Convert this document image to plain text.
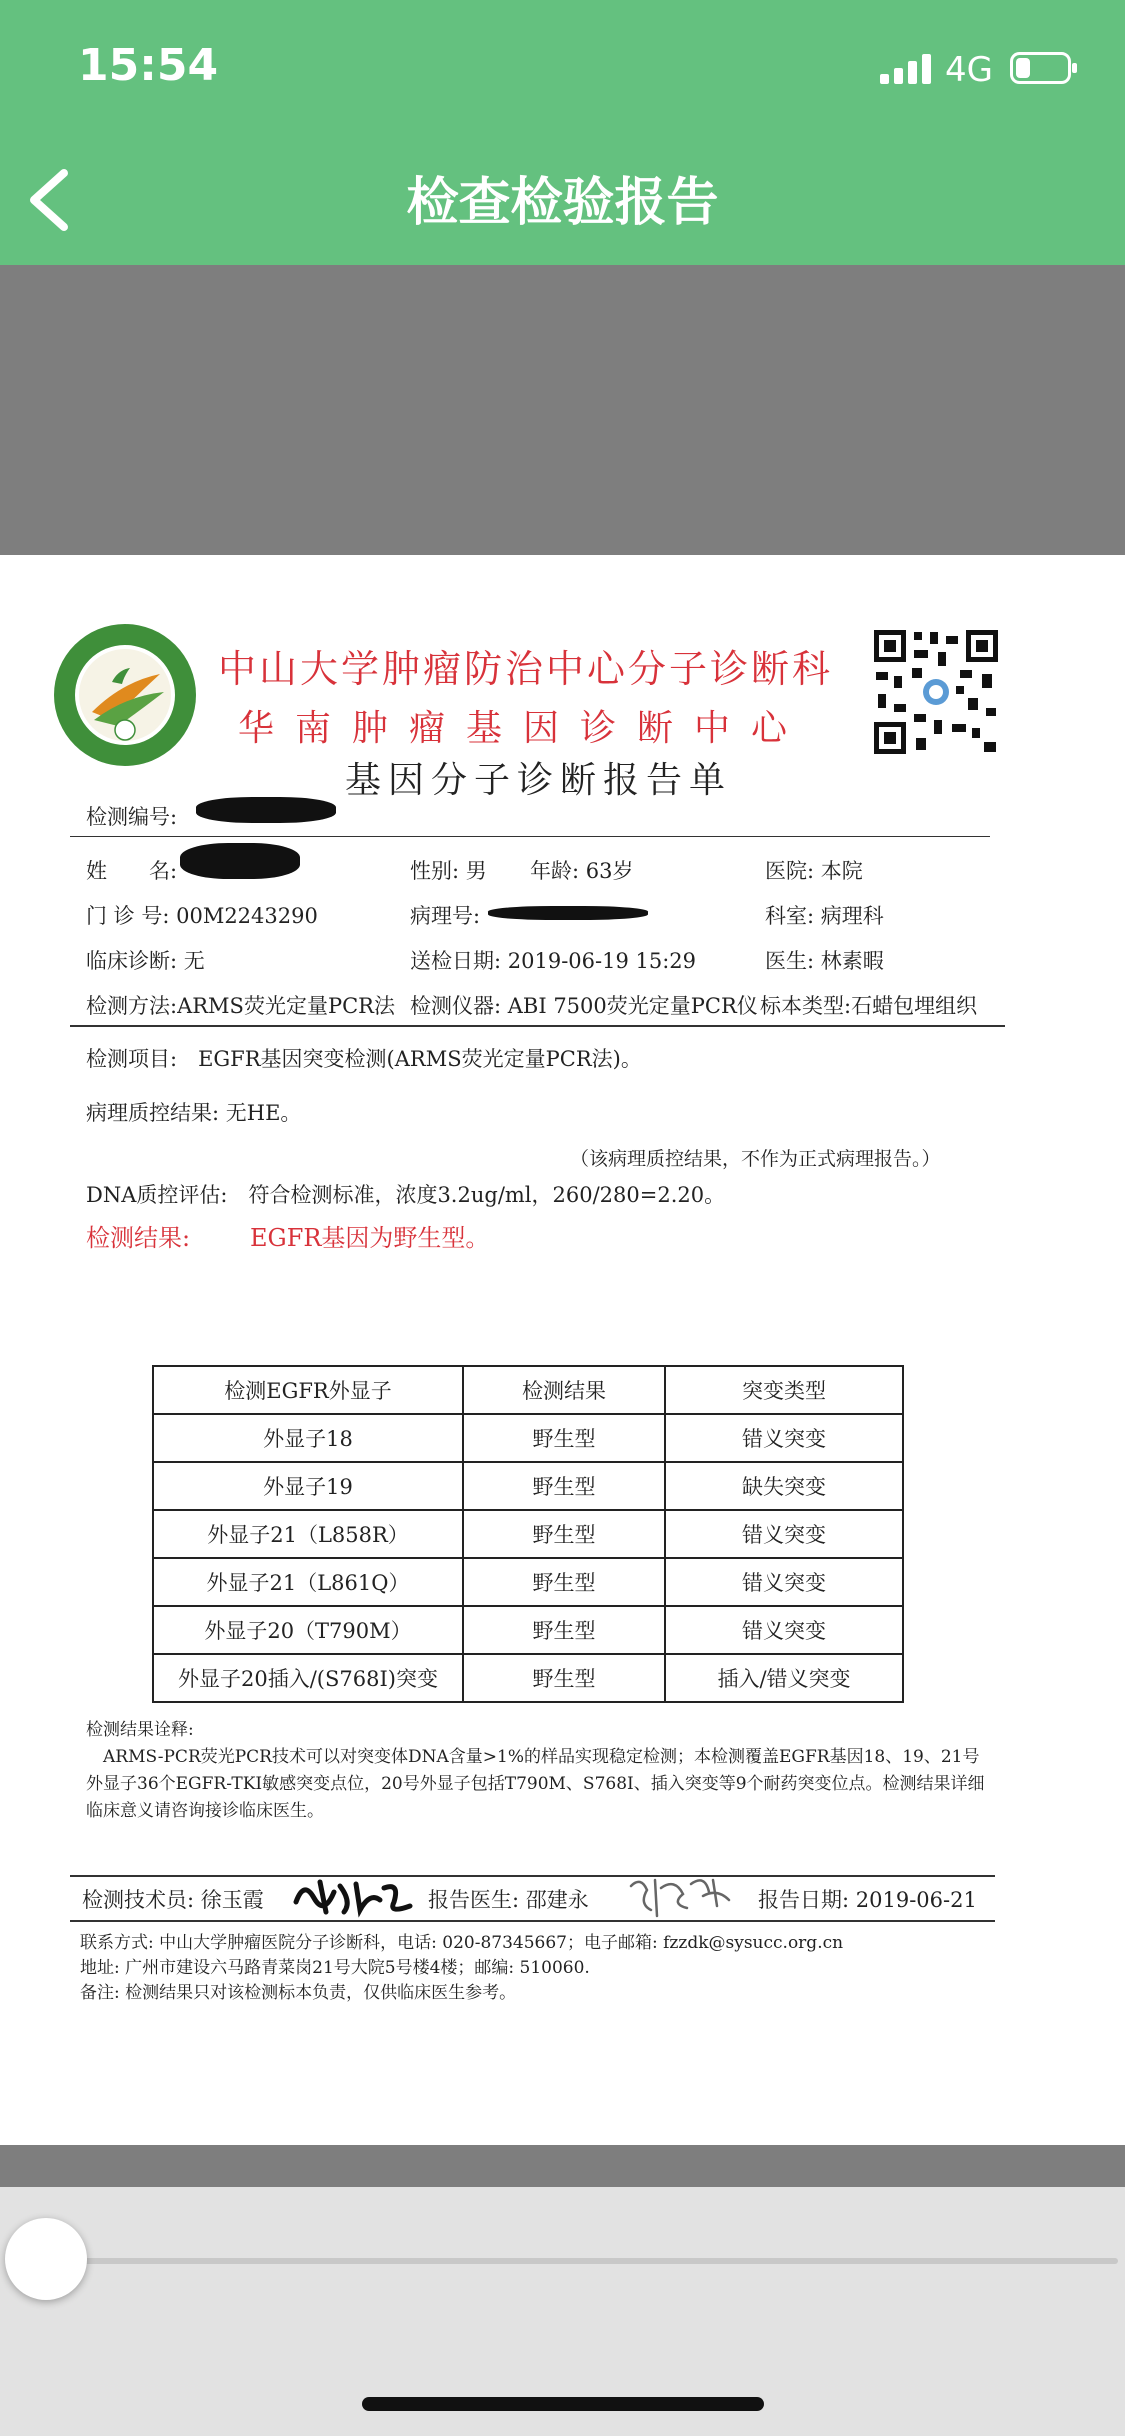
15:54	4G
检查检验报告
中山大学肿瘤防治中心分子诊断科
华南肿瘤基因诊断中心
基因分子诊断报告单
检测编号:
姓　　名:	性别: 男 年龄: 63岁	医院: 本院
门 诊 号: 00M2243290	病理号:	科室: 病理科
临床诊断: 无	送检日期: 2019-06-19 15:29	医生: 林素暇
检测方法:ARMS荧光定量PCR法 检测仪器: ABI 7500荧光定量PCR仪 标本类型:石蜡包埋组织
检测项目:　EGFR基因突变检测(ARMS荧光定量PCR法)。
病理质控结果: 无HE。
（该病理质控结果，不作为正式病理报告。）
DNA质控评估:　符合检测标准，浓度3.2ug/ml，260/280=2.20。
检测结果: EGFR基因为野生型。
检测EGFR外显子	检测结果	突变类型
外显子18	野生型	错义突变
外显子19	野生型	缺失突变
外显子21（L858R）	野生型	错义突变
外显子21（L861Q）	野生型	错义突变
外显子20（T790M）	野生型	错义突变
外显子20插入/(S768I)突变	野生型	插入/错义突变
检测结果诠释:
　ARMS-PCR荧光PCR技术可以对突变体DNA含量>1%的样品实现稳定检测；本检测覆盖EGFR基因18、19、21号外显子36个EGFR-TKI敏感突变点位，20号外显子包括T790M、S768I、插入突变等9个耐药突变位点。检测结果详细临床意义请咨询接诊临床医生。
检测技术员: 徐玉霞	报告医生: 邵建永	报告日期: 2019-06-21
联系方式: 中山大学肿瘤医院分子诊断科，电话: 020-87345667；电子邮箱: fzzdk@sysucc.org.cn
地址: 广州市建设六马路青菜岗21号大院5号楼4楼；邮编: 510060.
备注: 检测结果只对该检测标本负责，仅供临床医生参考。
